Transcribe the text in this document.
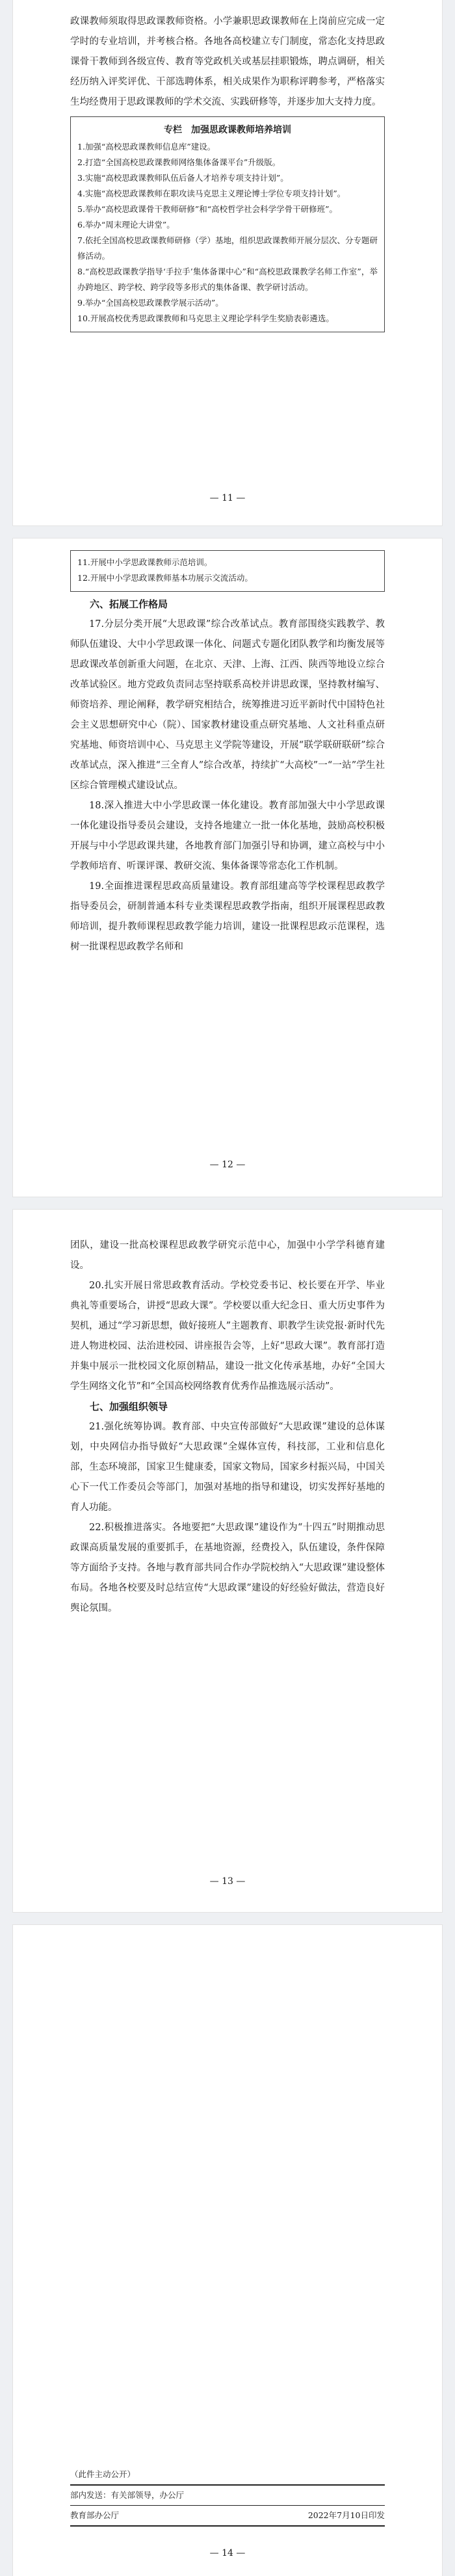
政课教师须取得思政课教师资格。小学兼职思政课教师在上岗前应完成一定学时的专业培训，并考核合格。各地各高校建立专门制度，常态化支持思政课骨干教师到各级宣传、教育等党政机关或基层挂职锻炼，聘点调研，相关经历纳入评奖评优、干部选聘体系，相关成果作为职称评聘参考，严格落实生均经费用于思政课教师的学术交流、实践研修等，并逐步加大支持力度。

专栏　加强思政课教师培养培训
1.加强“高校思政课教师信息库”建设。
2.打造“全国高校思政课教师网络集体备课平台”升级版。
3.实施“高校思政课教师队伍后备人才培养专项支持计划”。
4.实施“高校思政课教师在职攻读马克思主义理论博士学位专项支持计划”。
5.举办“高校思政课骨干教师研修”和“高校哲学社会科学学骨干研修班”。
6.举办“周末理论大讲堂”。
7.依托全国高校思政课教师研修（学）基地，组织思政课教师开展分层次、分专题研修活动。
8.“高校思政课教学指导‘手拉手’集体备课中心”和“高校思政课教学名师工作室”，举办跨地区、跨学校、跨学段等多形式的集体备课、教学研讨活动。
9.举办“全国高校思政课教学展示活动”。
10.开展高校优秀思政课教师和马克思主义理论学科学生奖励表彰遴选。
— 11 —
11.开展中小学思政课教师示范培训。
12.开展中小学思政课教师基本功展示交流活动。
六、拓展工作格局

17.分层分类开展“大思政课”综合改革试点。教育部围绕实践教学、教师队伍建设、大中小学思政课一体化、问题式专题化团队教学和均衡发展等思政课改革创新重大问题，在北京、天津、上海、江西、陕西等地设立综合改革试验区。地方党政负责同志坚持联系高校并讲思政课，坚持教材编写、师资培养、理论阐释，教学研究相结合，统筹推进习近平新时代中国特色社会主义思想研究中心（院）、国家教材建设重点研究基地、人文社科重点研究基地、师资培训中心、马克思主义学院等建设，开展“联学联研联研”综合改革试点，深入推进“三全育人”综合改革，持续扩“大高校”一“一站”学生社区综合管理模式建设试点。

18.深入推进大中小学思政课一体化建设。教育部加强大中小学思政课一体化建设指导委员会建设，支持各地建立一批一体化基地，鼓励高校积极开展与中小学思政课共建，各地教育部门加强引导和协调，建立高校与中小学教师培育、听课评课、教研交流、集体备课等常态化工作机制。

19.全面推进课程思政高质量建设。教育部组建高等学校课程思政教学指导委员会，研制普通本科专业类课程思政教学指南，组织开展课程思政教师培训，提升教师课程思政教学能力培训，建设一批课程思政示范课程，选树一批课程思政教学名师和

— 12 —

团队，建设一批高校课程思政教学研究示范中心，加强中小学学科德育建设。

20.扎实开展日常思政教育活动。学校党委书记、校长要在开学、毕业典礼等重要场合，讲授“思政大课”。学校要以重大纪念日、重大历史事件为契机，通过“学习新思想，做好接班人”主题教育、职教学生读党报·新时代先进人物进校园、法治进校园、讲座报告会等，上好“思政大课”。教育部打造并集中展示一批校园文化原创精品，建设一批文化传承基地，办好“全国大学生网络文化节”和“全国高校网络教育优秀作品推选展示活动”。

七、加强组织领导

21.强化统筹协调。教育部、中央宣传部做好“大思政课”建设的总体谋划，中央网信办指导做好“大思政课”全媒体宣传，科技部，工业和信息化部，生态环境部，国家卫生健康委，国家文物局，国家乡村振兴局，中国关心下一代工作委员会等部门，加强对基地的指导和建设，切实发挥好基地的育人功能。

22.积极推进落实。各地要把“大思政课”建设作为“十四五”时期推动思政课高质量发展的重要抓手，在基地资源，经费投入，队伍建设，条件保障等方面给予支持。各地与教育部共同合作办学院校纳入“大思政课”建设整体布局。各地各校要及时总结宣传“大思政课”建设的好经验好做法，营造良好舆论氛围。

— 13 —
（此件主动公开）
部内发送：有关部领导，办公厅
教育部办公厅	2022年7月10日印发
— 14 —
